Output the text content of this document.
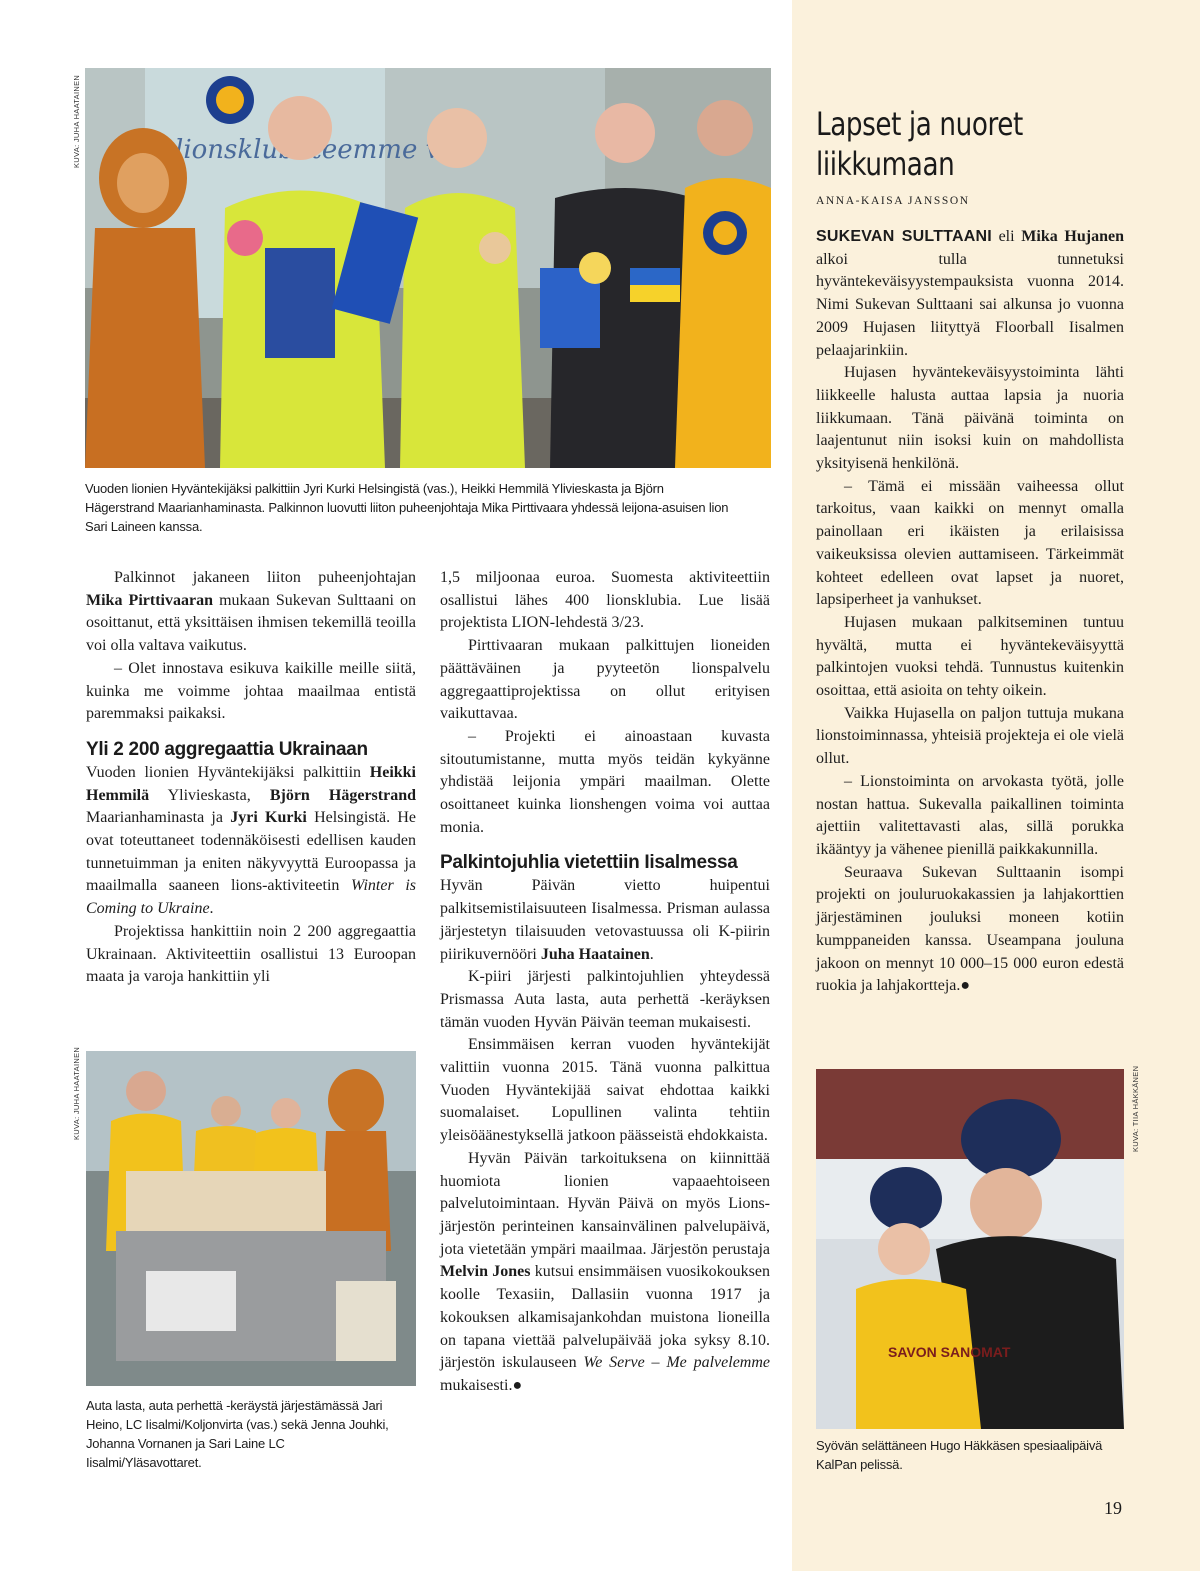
KUVA: JUHA HAATAINEN
KUVA: JUHA HAATAINEN	KUVA: TIIA HÄKKÄNEN
lionsklubi teemme
Vuoden lionien Hyväntekijäksi palkittiin Jyri Kurki Helsingistä (vas.), Heikki Hemmilä Ylivieskasta ja Björn Hägerstrand Maarianhaminasta. Palkinnon luovutti liiton puheenjohtaja Mika Pirttivaara yhdessä leijona-asuisen lion Sari Laineen kanssa.

Palkinnot jakaneen liiton puheenjohtajan Mika Pirttivaaran mukaan Sukevan Sulttaani on osoittanut, että yksittäisen ihmisen tekemillä teoilla voi olla valtava vaikutus.

– Olet innostava esikuva kaikille meille siitä, kuinka me voimme johtaa maailmaa entistä paremmaksi paikaksi.

Yli 2 200 aggregaattia Ukrainaan

Vuoden lionien Hyväntekijäksi palkittiin Heikki Hemmilä Ylivieskasta, Björn Hägerstrand Maarianhaminasta ja Jyri Kurki Helsingistä. He ovat toteuttaneet todennäköisesti edellisen kauden tunnetuimman ja eniten näkyvyyttä Euroopassa ja maailmalla saaneen lions-aktiviteetin Winter is Coming to Ukraine.

Projektissa hankittiin noin 2 200 aggregaattia Ukrainaan. Aktiviteettiin osallistui 13 Euroopan maata ja varoja hankittiin yli

1,5 miljoonaa euroa. Suomesta aktiviteettiin osallistui lähes 400 lionsklubia. Lue lisää projektista LION-lehdestä 3/23.

Pirttivaaran mukaan palkittujen lioneiden päättäväinen ja pyyteetön lionspalvelu aggregaattiprojektissa on ollut erityisen vaikuttavaa.

– Projekti ei ainoastaan kuvasta sitoutumistanne, mutta myös teidän kykyänne yhdistää leijonia ympäri maailman. Olette osoittaneet kuinka lionshengen voima voi auttaa monia.

Palkintojuhlia vietettiin Iisalmessa

Hyvän Päivän vietto huipentui palkitsemistilaisuuteen Iisalmessa. Prisman aulassa järjestetyn tilaisuuden vetovastuussa oli K-piirin piirikuvernööri Juha Haatainen.

K-piiri järjesti palkintojuhlien yhteydessä Prismassa Auta lasta, auta perhettä -keräyksen tämän vuoden Hyvän Päivän teeman mukaisesti.

Ensimmäisen kerran vuoden hyväntekijät valittiin vuonna 2015. Tänä vuonna palkittua Vuoden Hyväntekijää saivat ehdottaa kaikki suomalaiset. Lopullinen valinta tehtiin yleisöäänestyksellä jatkoon päässeistä ehdokkaista.

Hyvän Päivän tarkoituksena on kiinnittää huomiota lionien vapaaehtoiseen palvelutoimintaan. Hyvän Päivä on myös Lions-järjestön perinteinen kansainvälinen palvelupäivä, jota vietetään ympäri maailmaa. Järjestön perustaja Melvin Jones kutsui ensimmäisen vuosikokouksen koolle Texasiin, Dallasiin vuonna 1917 ja kokouksen alkamisajankohdan muistona lioneilla on tapana viettää palvelupäivää joka syksy 8.10. järjestön iskulauseen We Serve – Me palvelemme mukaisesti.●

Auta lasta, auta perhettä -keräystä järjestämässä Jari Heino, LC Iisalmi/Koljonvirta (vas.) sekä Jenna Jouhki, Johanna Vornanen ja Sari Laine LC Iisalmi/Yläsavottaret.
Lapset ja nuoret liikkumaan
ANNA-KAISA JANSSON

SUKEVAN SULTTAANI eli Mika Hujanen alkoi tulla tunnetuksi hyväntekeväisyystempauksista vuonna 2014. Nimi Sukevan Sulttaani sai alkunsa jo vuonna 2009 Hujasen liityttyä Floorball Iisalmen pelaajarinkiin.

Hujasen hyväntekeväisyystoiminta lähti liikkeelle halusta auttaa lapsia ja nuoria liikkumaan. Tänä päivänä toiminta on laajentunut niin isoksi kuin on mahdollista yksityisenä henkilönä.

– Tämä ei missään vaiheessa ollut tarkoitus, vaan kaikki on mennyt omalla painollaan eri ikäisten ja erilaisissa vaikeuksissa olevien auttamiseen. Tärkeimmät kohteet edelleen ovat lapset ja nuoret, lapsiperheet ja vanhukset.

Hujasen mukaan palkitseminen tuntuu hyvältä, mutta ei hyväntekeväisyyttä palkintojen vuoksi tehdä. Tunnustus kuitenkin osoittaa, että asioita on tehty oikein.

Vaikka Hujasella on paljon tuttuja mukana lionstoiminnassa, yhteisiä projekteja ei ole vielä ollut.

– Lionstoiminta on arvokasta työtä, jolle nostan hattua. Sukevalla paikallinen toiminta ajettiin valitettavasti alas, sillä porukka ikääntyy ja vähenee pienillä paikkakunnilla.

Seuraava Sukevan Sulttaanin isompi projekti on jouluruokakassien ja lahjakorttien järjestäminen jouluksi moneen kotiin kumppaneiden kanssa. Useampana jouluna jakoon on mennyt 10 000–15 000 euron edestä ruokia ja lahjakortteja.●

SAVON SANOMAT
Syövän selättäneen Hugo Häkkäsen spesiaalipäivä KalPan pelissä.
19
